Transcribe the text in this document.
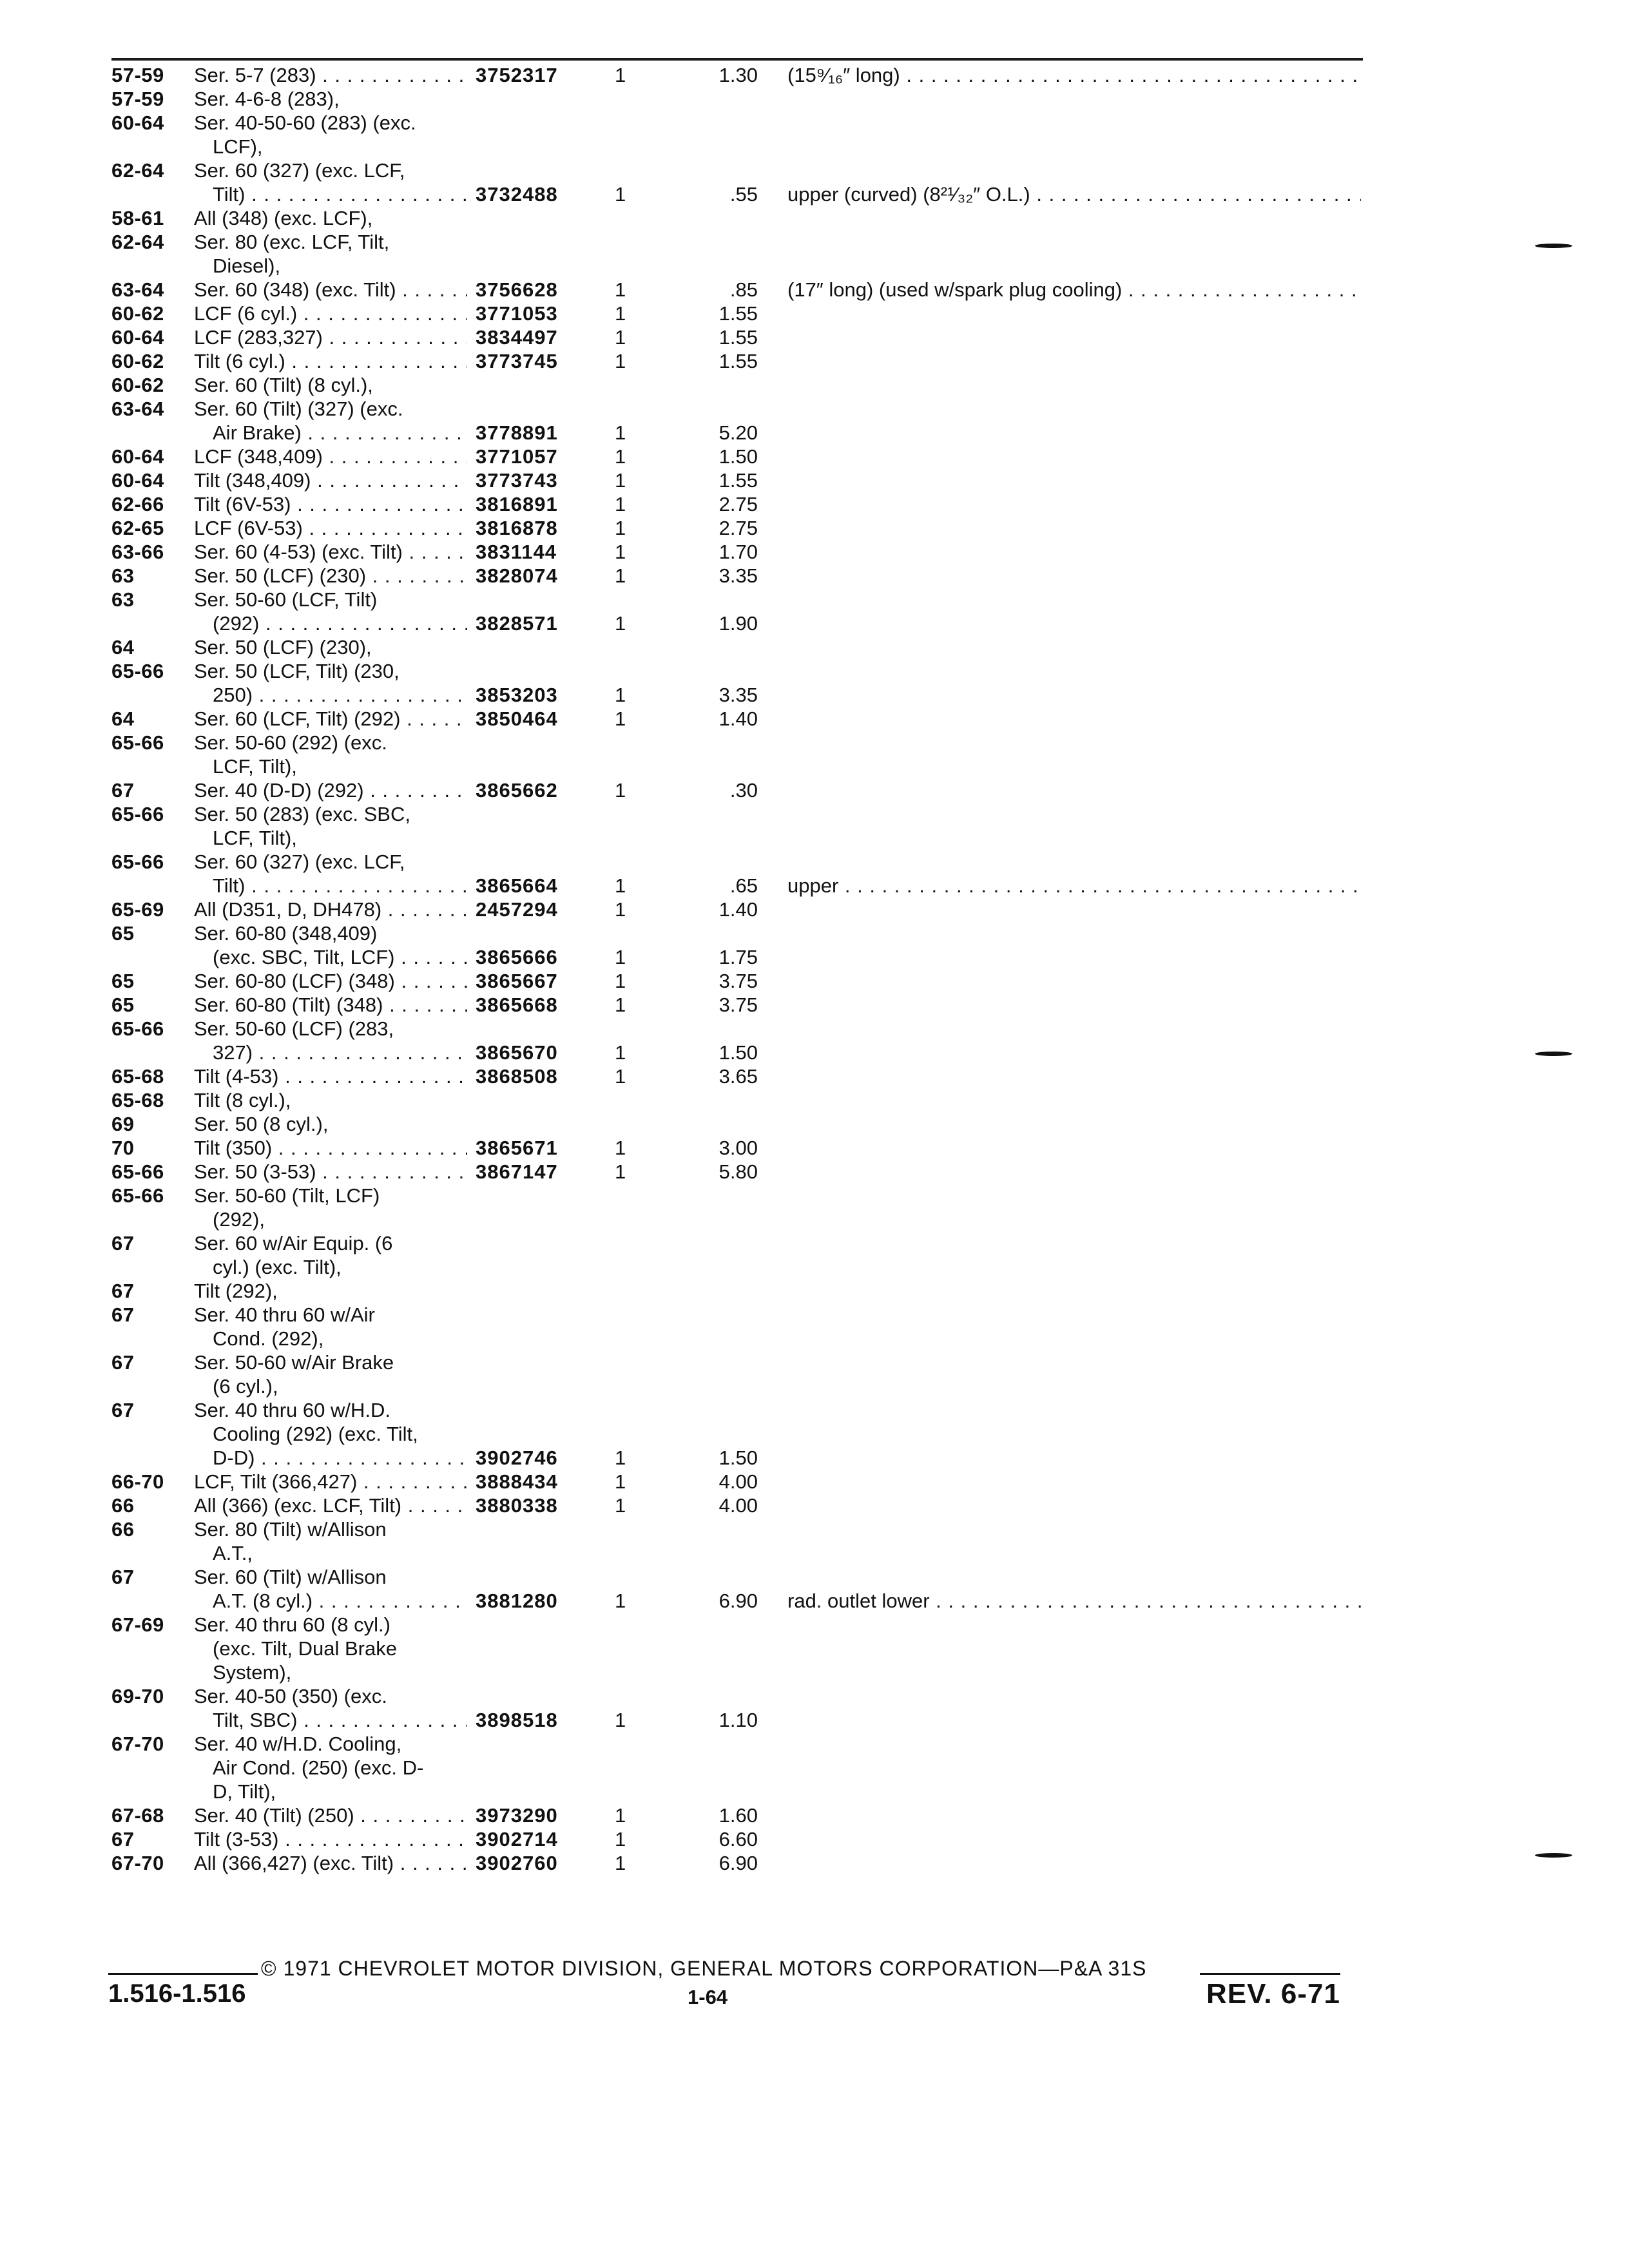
57-59 Ser. 5-7 (283) . . .	3752317	1	1.30 (15⁹⁄₁₆″ long) . . .
57-59 Ser. 4-6-8 (283),
60-64 Ser. 40-50-60 (283) (exc.
LCF),
62-64 Ser. 60 (327) (exc. LCF,
Tilt) . . .	3732488	1	.55 upper (curved) (8²¹⁄₃₂″ O.L.) . . .
58-61 All (348) (exc. LCF),
62-64 Ser. 80 (exc. LCF, Tilt,
Diesel),
63-64 Ser. 60 (348) (exc. Tilt) . . .	3756628	1	.85 (17″ long) (used w/spark plug cooling) . . .
60-62 LCF (6 cyl.) . . .	3771053	1	1.55
60-64 LCF (283,327) . . .	3834497	1	1.55
60-62 Tilt (6 cyl.) . . .	3773745	1	1.55
60-62 Ser. 60 (Tilt) (8 cyl.),
63-64 Ser. 60 (Tilt) (327) (exc.
Air Brake) . . .	3778891	1	5.20
60-64 LCF (348,409) . . .	3771057	1	1.50
60-64 Tilt (348,409) . . .	3773743	1	1.55
62-66 Tilt (6V-53) . . .	3816891	1	2.75
62-65 LCF (6V-53) . . .	3816878	1	2.75
63-66 Ser. 60 (4-53) (exc. Tilt) . . .	3831144	1	1.70
63	Ser. 50 (LCF) (230) . . .	3828074	1	3.35
63	Ser. 50-60 (LCF, Tilt)
(292) . . .	3828571	1	1.90
64	Ser. 50 (LCF) (230),
65-66 Ser. 50 (LCF, Tilt) (230,
250) . . .	3853203	1	3.35
64	Ser. 60 (LCF, Tilt) (292) . . .	3850464	1	1.40
65-66 Ser. 50-60 (292) (exc.
LCF, Tilt),
67	Ser. 40 (D-D) (292) . . .	3865662	1	.30
65-66 Ser. 50 (283) (exc. SBC,
LCF, Tilt),
65-66 Ser. 60 (327) (exc. LCF,
Tilt) . . .	3865664	1	.65 upper . . .
65-69 All (D351, D, DH478) . . .	2457294	1	1.40
65	Ser. 60-80 (348,409)
(exc. SBC, Tilt, LCF) . . .	3865666	1	1.75
65	Ser. 60-80 (LCF) (348) . . .	3865667	1	3.75
65	Ser. 60-80 (Tilt) (348) . . .	3865668	1	3.75
65-66 Ser. 50-60 (LCF) (283,
327) . . .	3865670	1	1.50
65-68 Tilt (4-53) . . .	3868508	1	3.65
65-68 Tilt (8 cyl.),
69	Ser. 50 (8 cyl.),
70	Tilt (350) . . .	3865671	1	3.00
65-66 Ser. 50 (3-53) . . .	3867147	1	5.80
65-66 Ser. 50-60 (Tilt, LCF)
(292),
67	Ser. 60 w/Air Equip. (6
cyl.) (exc. Tilt),
67	Tilt (292),
67	Ser. 40 thru 60 w/Air
Cond. (292),
67	Ser. 50-60 w/Air Brake
(6 cyl.),
67	Ser. 40 thru 60 w/H.D.
Cooling (292) (exc. Tilt,
D-D) . . .	3902746	1	1.50
66-70 LCF, Tilt (366,427) . . .	3888434	1	4.00
66	All (366) (exc. LCF, Tilt) . . .	3880338	1	4.00
66	Ser. 80 (Tilt) w/Allison
A.T.,
67	Ser. 60 (Tilt) w/Allison
A.T. (8 cyl.) . . .	3881280	1	6.90 rad. outlet lower . . .
67-69 Ser. 40 thru 60 (8 cyl.)
(exc. Tilt, Dual Brake
System),
69-70 Ser. 40-50 (350) (exc.
Tilt, SBC) . . .	3898518	1	1.10
67-70 Ser. 40 w/H.D. Cooling,
Air Cond. (250) (exc. D-
D, Tilt),
67-68 Ser. 40 (Tilt) (250) . . .	3973290	1	1.60
67	Tilt (3-53) . . .	3902714	1	6.60
67-70 All (366,427) (exc. Tilt) . . .	3902760	1	6.90
© 1971 CHEVROLET MOTOR DIVISION, GENERAL MOTORS CORPORATION—P&A 31S
1.516-1.516	1-64	REV. 6-71
